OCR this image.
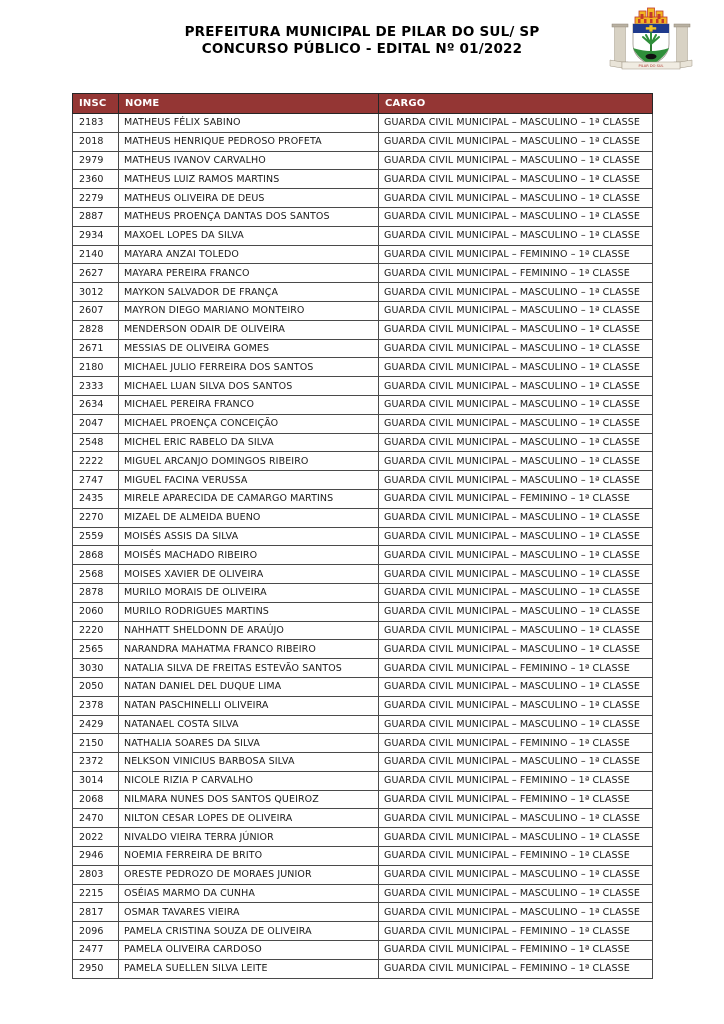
PREFEITURA MUNICIPAL DE PILAR DO SUL/ SP
CONCURSO PÚBLICO - EDITAL Nº 01/2022
PILAR DO SUL
INSC	NOME	CARGO
2183	MATHEUS FÉLIX SABINO	GUARDA CIVIL MUNICIPAL – MASCULINO – 1ª CLASSE
2018	MATHEUS HENRIQUE PEDROSO PROFETA	GUARDA CIVIL MUNICIPAL – MASCULINO – 1ª CLASSE
2979	MATHEUS IVANOV CARVALHO	GUARDA CIVIL MUNICIPAL – MASCULINO – 1ª CLASSE
2360	MATHEUS LUIZ RAMOS MARTINS	GUARDA CIVIL MUNICIPAL – MASCULINO – 1ª CLASSE
2279	MATHEUS OLIVEIRA DE DEUS	GUARDA CIVIL MUNICIPAL – MASCULINO – 1ª CLASSE
2887	MATHEUS PROENÇA DANTAS DOS SANTOS	GUARDA CIVIL MUNICIPAL – MASCULINO – 1ª CLASSE
2934	MAXOEL LOPES DA SILVA	GUARDA CIVIL MUNICIPAL – MASCULINO – 1ª CLASSE
2140	MAYARA ANZAI TOLEDO	GUARDA CIVIL MUNICIPAL – FEMININO – 1ª CLASSE
2627	MAYARA PEREIRA FRANCO	GUARDA CIVIL MUNICIPAL – FEMININO – 1ª CLASSE
3012	MAYKON SALVADOR DE FRANÇA	GUARDA CIVIL MUNICIPAL – MASCULINO – 1ª CLASSE
2607	MAYRON DIEGO MARIANO MONTEIRO	GUARDA CIVIL MUNICIPAL – MASCULINO – 1ª CLASSE
2828	MENDERSON ODAIR DE OLIVEIRA	GUARDA CIVIL MUNICIPAL – MASCULINO – 1ª CLASSE
2671	MESSIAS DE OLIVEIRA GOMES	GUARDA CIVIL MUNICIPAL – MASCULINO – 1ª CLASSE
2180	MICHAEL JULIO FERREIRA DOS SANTOS	GUARDA CIVIL MUNICIPAL – MASCULINO – 1ª CLASSE
2333	MICHAEL LUAN SILVA DOS SANTOS	GUARDA CIVIL MUNICIPAL – MASCULINO – 1ª CLASSE
2634	MICHAEL PEREIRA FRANCO	GUARDA CIVIL MUNICIPAL – MASCULINO – 1ª CLASSE
2047	MICHAEL PROENÇA CONCEIÇÃO	GUARDA CIVIL MUNICIPAL – MASCULINO – 1ª CLASSE
2548	MICHEL ERIC RABELO DA SILVA	GUARDA CIVIL MUNICIPAL – MASCULINO – 1ª CLASSE
2222	MIGUEL ARCANJO DOMINGOS RIBEIRO	GUARDA CIVIL MUNICIPAL – MASCULINO – 1ª CLASSE
2747	MIGUEL FACINA VERUSSA	GUARDA CIVIL MUNICIPAL – MASCULINO – 1ª CLASSE
2435	MIRELE APARECIDA DE CAMARGO MARTINS	GUARDA CIVIL MUNICIPAL – FEMININO – 1ª CLASSE
2270	MIZAEL DE ALMEIDA BUENO	GUARDA CIVIL MUNICIPAL – MASCULINO – 1ª CLASSE
2559	MOISÉS ASSIS DA SILVA	GUARDA CIVIL MUNICIPAL – MASCULINO – 1ª CLASSE
2868	MOISÉS MACHADO RIBEIRO	GUARDA CIVIL MUNICIPAL – MASCULINO – 1ª CLASSE
2568	MOISES XAVIER DE OLIVEIRA	GUARDA CIVIL MUNICIPAL – MASCULINO – 1ª CLASSE
2878	MURILO MORAIS DE OLIVEIRA	GUARDA CIVIL MUNICIPAL – MASCULINO – 1ª CLASSE
2060	MURILO RODRIGUES MARTINS	GUARDA CIVIL MUNICIPAL – MASCULINO – 1ª CLASSE
2220	NAHHATT SHELDONN DE ARAÚJO	GUARDA CIVIL MUNICIPAL – MASCULINO – 1ª CLASSE
2565	NARANDRA MAHATMA FRANCO RIBEIRO	GUARDA CIVIL MUNICIPAL – MASCULINO – 1ª CLASSE
3030	NATALIA SILVA DE FREITAS ESTEVÃO SANTOS	GUARDA CIVIL MUNICIPAL – FEMININO – 1ª CLASSE
2050	NATAN DANIEL DEL DUQUE LIMA	GUARDA CIVIL MUNICIPAL – MASCULINO – 1ª CLASSE
2378	NATAN PASCHINELLI OLIVEIRA	GUARDA CIVIL MUNICIPAL – MASCULINO – 1ª CLASSE
2429	NATANAEL COSTA SILVA	GUARDA CIVIL MUNICIPAL – MASCULINO – 1ª CLASSE
2150	NATHALIA SOARES DA SILVA	GUARDA CIVIL MUNICIPAL – FEMININO – 1ª CLASSE
2372	NELKSON VINICIUS BARBOSA SILVA	GUARDA CIVIL MUNICIPAL – MASCULINO – 1ª CLASSE
3014	NICOLE RIZIA P CARVALHO	GUARDA CIVIL MUNICIPAL – FEMININO – 1ª CLASSE
2068	NILMARA NUNES DOS SANTOS QUEIROZ	GUARDA CIVIL MUNICIPAL – FEMININO – 1ª CLASSE
2470	NILTON CESAR LOPES DE OLIVEIRA	GUARDA CIVIL MUNICIPAL – MASCULINO – 1ª CLASSE
2022	NIVALDO VIEIRA TERRA JÚNIOR	GUARDA CIVIL MUNICIPAL – MASCULINO – 1ª CLASSE
2946	NOEMIA FERREIRA DE BRITO	GUARDA CIVIL MUNICIPAL – FEMININO – 1ª CLASSE
2803	ORESTE PEDROZO DE MORAES JUNIOR	GUARDA CIVIL MUNICIPAL – MASCULINO – 1ª CLASSE
2215	OSÉIAS MARMO DA CUNHA	GUARDA CIVIL MUNICIPAL – MASCULINO – 1ª CLASSE
2817	OSMAR TAVARES VIEIRA	GUARDA CIVIL MUNICIPAL – MASCULINO – 1ª CLASSE
2096	PAMELA CRISTINA SOUZA DE OLIVEIRA	GUARDA CIVIL MUNICIPAL – FEMININO – 1ª CLASSE
2477	PAMELA OLIVEIRA CARDOSO	GUARDA CIVIL MUNICIPAL – FEMININO – 1ª CLASSE
2950	PAMELA SUELLEN SILVA LEITE	GUARDA CIVIL MUNICIPAL – FEMININO – 1ª CLASSE
